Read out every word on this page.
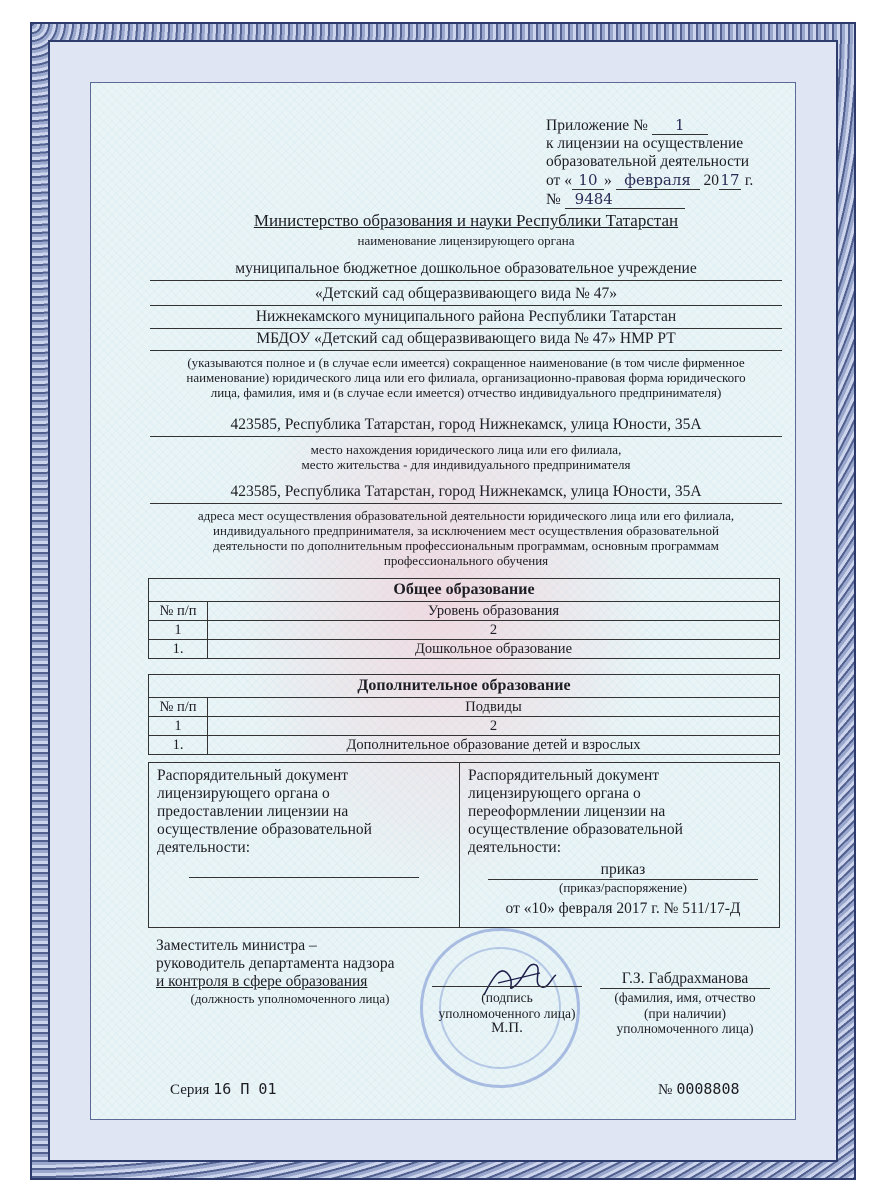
Приложение № 1
к лицензии на осуществление
образовательной деятельности
от « 10 » февраля 2017 г.
№ 9484
Министерство образования и науки Республики Татарстан
наименование лицензирующего органа
муниципальное бюджетное дошкольное образовательное учреждение
«Детский сад общеразвивающего вида № 47»
Нижнекамского муниципального района Республики Татарстан
МБДОУ «Детский сад общеразвивающего вида № 47» НМР РТ
(указываются полное и (в случае если имеется) сокращенное наименование (в том числе фирменное
наименование) юридического лица или его филиала, организационно-правовая форма юридического
лица, фамилия, имя и (в случае если имеется) отчество индивидуального предпринимателя)
423585, Республика Татарстан, город Нижнекамск, улица Юности, 35А
место нахождения юридического лица или его филиала,
место жительства - для индивидуального предпринимателя
423585, Республика Татарстан, город Нижнекамск, улица Юности, 35А
адреса мест осуществления образовательной деятельности юридического лица или его филиала,
индивидуального предпринимателя, за исключением мест осуществления образовательной
деятельности по дополнительным профессиональным программам, основным программам
профессионального обучения
Общее образование	
№ п/п	Уровень образования
1	2
1.	Дошкольное образование
Дополнительное образование	
№ п/п	Подвиды
1	2
1.	Дополнительное образование детей и взрослых
Распорядительный документ
лицензирующего органа о
предоставлении лицензии на
осуществление образовательной
деятельности:
Распорядительный документ
лицензирующего органа о
переоформлении лицензии на
осуществление образовательной
деятельности:
приказ
(приказ/распоряжение)
от «10» февраля 2017 г. № 511/17-Д
Заместитель министра –
руководитель департамента надзора
и контроля в сфере образования
(должность уполномоченного лица)	(подпись
уполномоченного лица)
М.П.
Г.З. Габдрахманова
(фамилия, имя, отчество
(при наличии)
уполномоченного лица)
Серия 16 П 01	№ 0008808
